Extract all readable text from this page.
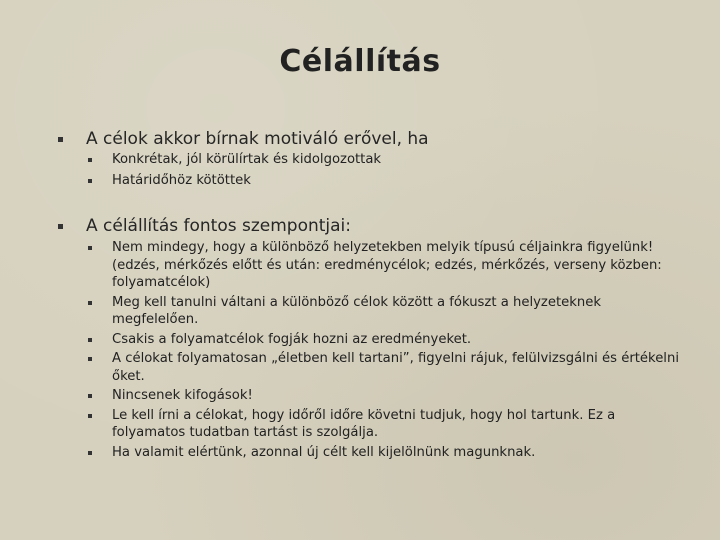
Célállítás
A célok akkor bírnak motiváló erővel, ha

Konkrétak, jól körülírtak és kidolgozottak

Határidőhöz kötöttek

A célállítás fontos szempontjai:

Nem mindegy, hogy a különböző helyzetekben melyik típusú céljainkra figyelünk! (edzés, mérkőzés előtt és után: eredménycélok; edzés, mérkőzés, verseny közben: folyamatcélok)

Meg kell tanulni váltani a különböző célok között a fókuszt a helyzeteknek megfelelően.

Csakis a folyamatcélok fogják hozni az eredményeket.

A célokat folyamatosan „életben kell tartani”, figyelni rájuk, felülvizsgálni és értékelni őket.

Nincsenek kifogások!

Le kell írni a célokat, hogy időről időre követni tudjuk, hogy hol tartunk. Ez a folyamatos tudatban tartást is szolgálja.

Ha valamit elértünk, azonnal új célt kell kijelölnünk magunknak.
